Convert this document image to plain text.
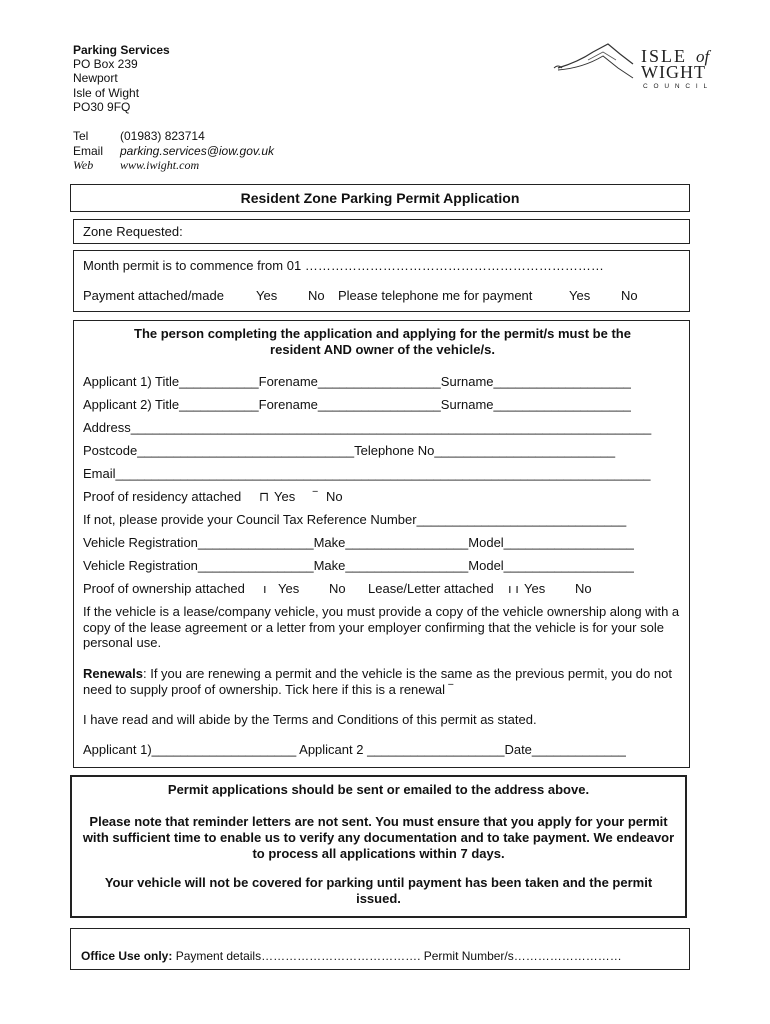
Parking Services
PO Box 239
Newport
Isle of Wight
PO30 9FQ
Tel	(01983) 823714
Email	parking.services@iow.gov.uk
Web	www.iwight.com
ISLE of
WIGHT
C O U N C I L
Resident Zone Parking Permit Application
Zone Requested:
Month permit is to commence from 01 ……………………………………………………………
Payment attached/made Yes No Please telephone me for payment	Yes No
The person completing the application and applying for the permit/s must be the
resident AND owner of the vehicle/s.
Applicant 1) Title___________Forename_________________Surname___________________
Applicant 2) Title___________Forename_________________Surname___________________
Address________________________________________________________________________
Postcode______________________________Telephone No_________________________
Email__________________________________________________________________________
Proof of residency attached ⊓ Yes ‾ No
If not, please provide your Council Tax Reference Number_____________________________
Vehicle Registration________________Make_________________Model__________________
Vehicle Registration________________Make_________________Model__________________
Proof of ownership attached ı Yes No Lease/Letter attached ı ı Yes No
If the vehicle is a lease/company vehicle, you must provide a copy of the vehicle ownership along with a copy of the lease agreement or a letter from your employer confirming that the vehicle is for your sole personal use.
Renewals: If you are renewing a permit and the vehicle is the same as the previous permit, you do not need to supply proof of ownership. Tick here if this is a renewal ‾
I have read and will abide by the Terms and Conditions of this permit as stated.
Applicant 1)____________________ Applicant 2 ___________________Date_____________

Permit applications should be sent or emailed to the address above.

Please note that reminder letters are not sent. You must ensure that you apply for your permit with sufficient time to enable us to verify any documentation and to take payment. We endeavor to process all applications within 7 days.

Your vehicle will not be covered for parking until payment has been taken and the permit issued.

Office Use only: Payment details…………………………………. Permit Number/s………………………
